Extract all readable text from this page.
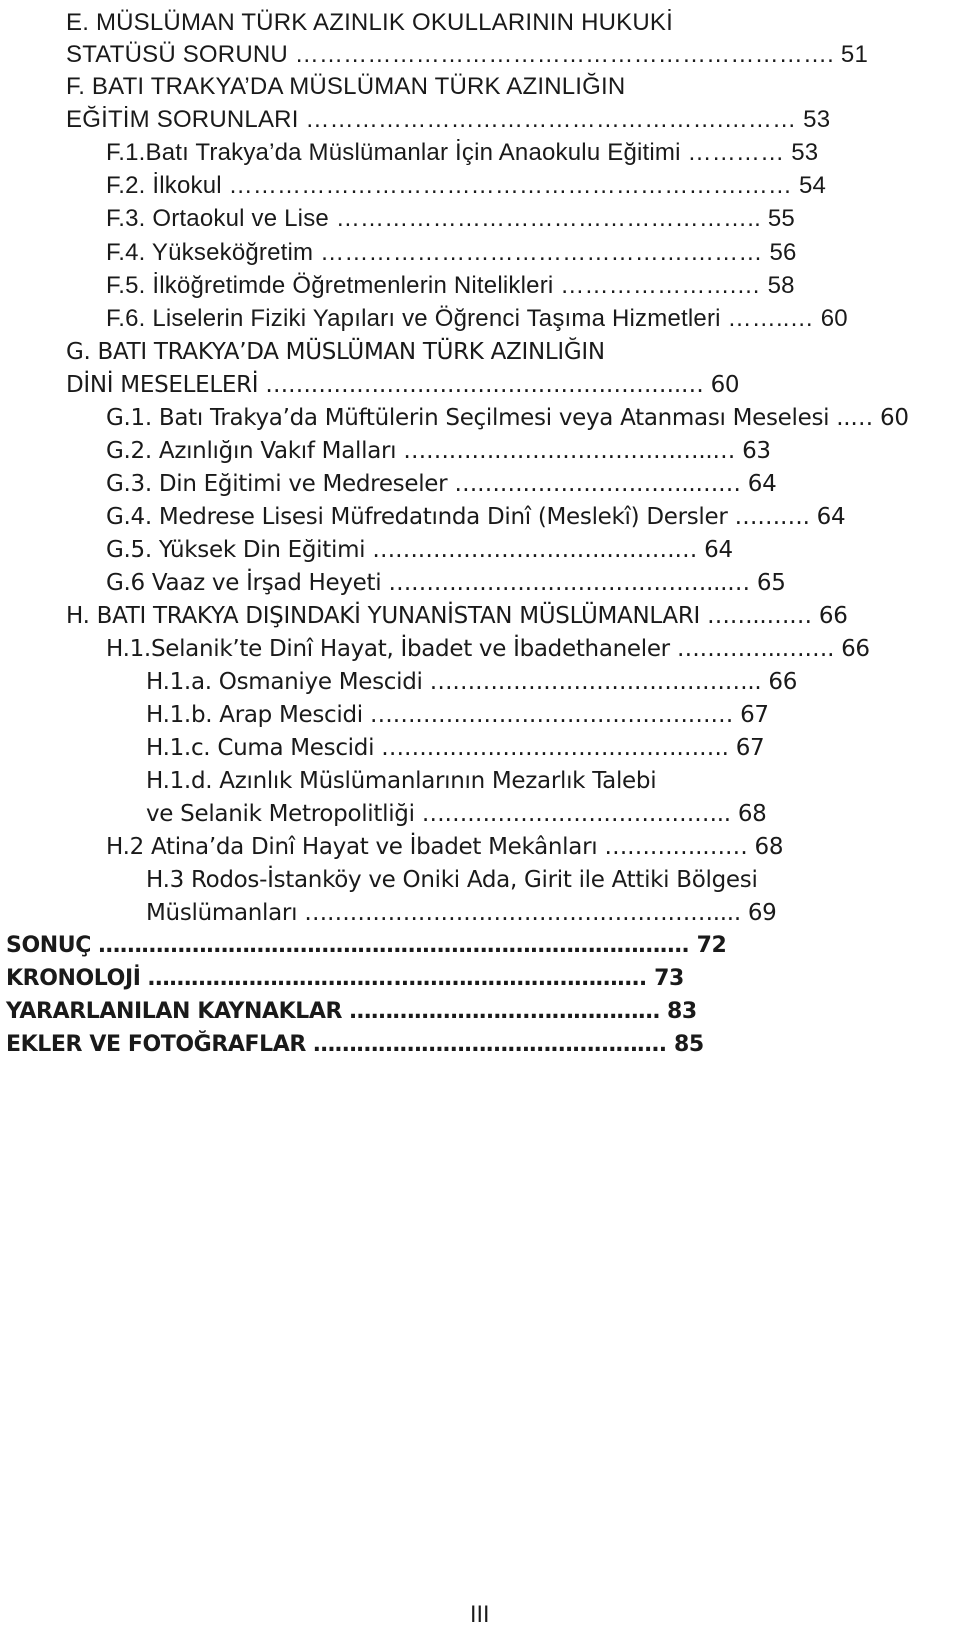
E. MÜSLÜMAN TÜRK AZINLIK OKULLARININ HUKUKİ
STATÜSÜ SORUNU …………………………………………………………. 51
F. BATI TRAKYA’DA MÜSLÜMAN TÜRK AZINLIĞIN
EĞİTİM SORUNLARI …………………………………………….……… 53
F.1.Batı Trakya’da Müslümanlar İçin Anaokulu Eğitimi ………… 53
F.2. İlkokul ……………………………………………………….…… 54
F.3. Ortaokul ve Lise …………………………………………….. 55
F.4. Yükseköğretim ……………………………………….……… 56
F.5. İlköğretimde Öğretmenlerin Nitelikleri ………………….… 58
F.6. Liselerin Fiziki Yapıları ve Öğrenci Taşıma Hizmetleri ……..… 60
G. BATI TRAKYA’DA MÜSLÜMAN TÜRK AZINLIĞIN
DİNİ MESELELERİ ……………………………………………….… 60
G.1. Batı Trakya’da Müftülerin Seçilmesi veya Atanması Meselesi ..… 60
G.2. Azınlığın Vakıf Malları …………………………………..… 63
G.3. Din Eğitimi ve Medreseler …………………………..…… 64
G.4. Medrese Lisesi Müfredatında Dinî (Meslekî) Dersler ………. 64
G.5. Yüksek Din Eğitimi ………………………….………… 64
G.6 Vaaz ve İrşad Heyeti ……………………………………...… 65
H. BATI TRAKYA DIŞINDAKİ YUNANİSTAN MÜSLÜMANLARI ……..…… 66
H.1.Selanik’te Dinî Hayat, İbadet ve İbadethaneler …………..……. 66
H.1.a. Osmaniye Mescidi …………………………………….. 66
H.1.b. Arap Mescidi ………………………………………… 67
H.1.c. Cuma Mescidi ………………………………………. 67
H.1.d. Azınlık Müslümanlarının Mezarlık Talebi
ve Selanik Metropolitliği ………………………………….. 68
H.2 Atina’da Dinî Hayat ve İbadet Mekânları ………….…… 68
H.3 Rodos-İstanköy ve Oniki Ada, Girit ile Attiki Bölgesi
Müslümanları ……………………………………………….... 69
SONUÇ ………………………………………………………………………. 72
KRONOLOJİ ……………………………..……………………………. 73
YARARLANILAN KAYNAKLAR …………………….……………… 83
EKLER VE FOTOĞRAFLAR …………………………………………. 85
III
